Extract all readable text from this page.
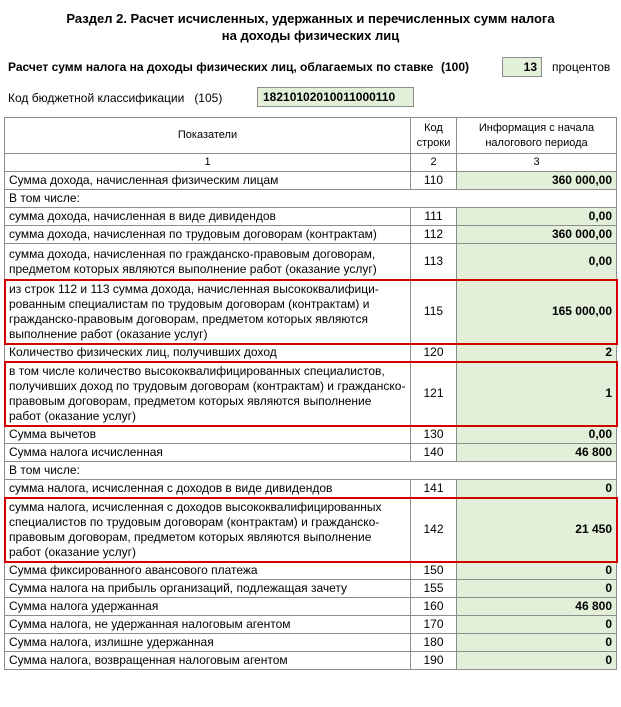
Раздел 2. Расчет исчисленных, удержанных и перечисленных сумм налога
на доходы физических лиц
Расчет сумм налога на доходы физических лиц, облагаемых по ставке (100)	13	процентов
Код бюджетной классификации (105)	18210102010011000110
Показатели	Код строки	Информация с начала налогового периода
1	2	3
Сумма дохода, начисленная физическим лицам	110	360 000,00
В том числе:		
сумма дохода, начисленная в виде дивидендов	111	0,00
сумма дохода, начисленная по трудовым договорам (контрактам)	112	360 000,00
сумма дохода, начисленная по гражданско-правовым договорам, предметом которых являются выполнение работ (оказание услуг)	113	0,00
из строк 112 и 113 сумма дохода, начисленная высококвалифици-рованным специалистам по трудовым договорам (контрактам) и гражданско-правовым договорам, предметом которых являются выполнение работ (оказание услуг)	115	165 000,00
Количество физических лиц, получивших доход	120	2
в том числе количество высококвалифицированных специалистов, получивших доход по трудовым договорам (контрактам) и гражданско-правовым договорам, предметом которых являются выполнение работ (оказание услуг)	121	1
Сумма вычетов	130	0,00
Сумма налога исчисленная	140	46 800
В том числе:		
сумма налога, исчисленная с доходов в виде дивидендов	141	0
сумма налога, исчисленная с доходов высококвалифицированных специалистов по трудовым договорам (контрактам) и гражданско-правовым договорам, предметом которых являются выполнение работ (оказание услуг)	142	21 450
Сумма фиксированного авансового платежа	150	0
Сумма налога на прибыль организаций, подлежащая зачету	155	0
Сумма налога удержанная	160	46 800
Сумма налога, не удержанная налоговым агентом	170	0
Сумма налога, излишне удержанная	180	0
Сумма налога, возвращенная налоговым агентом	190	0
